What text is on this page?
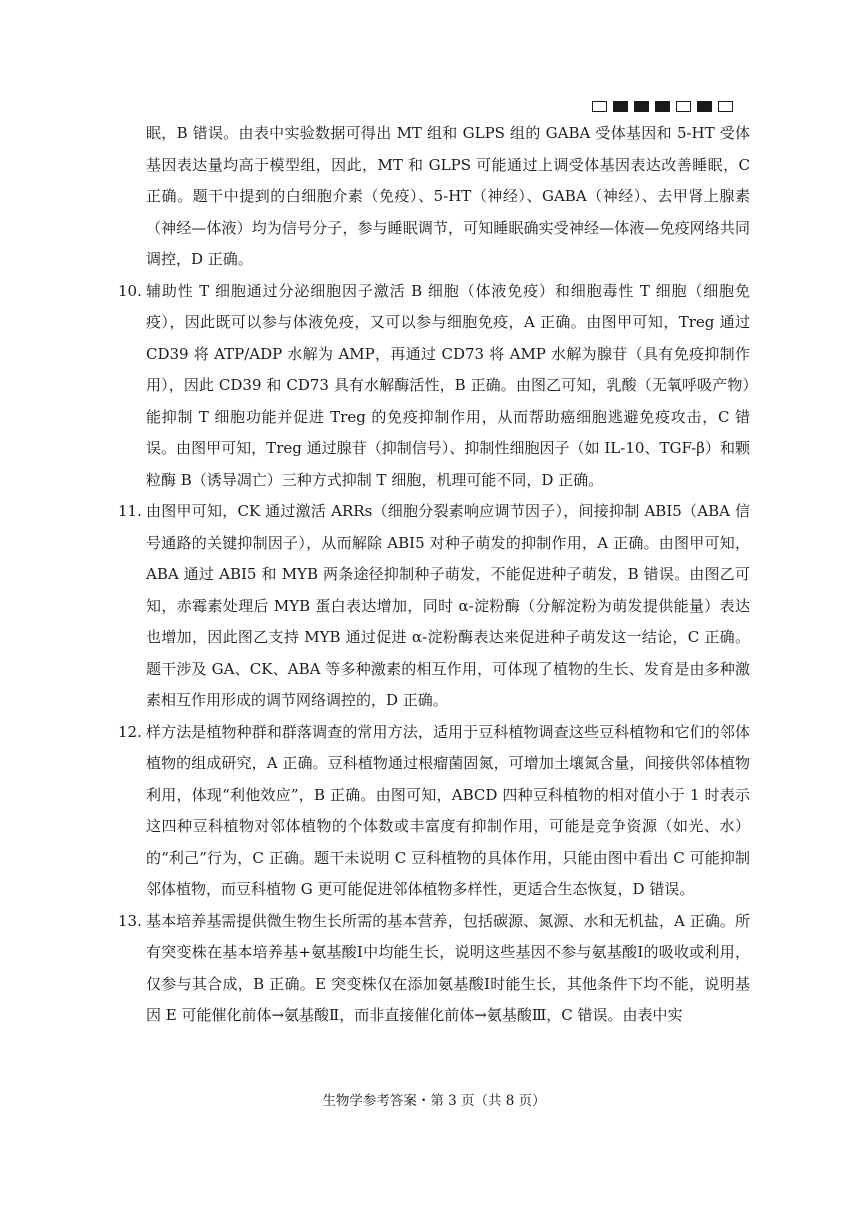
眠，B 错误。由表中实验数据可得出 MT 组和 GLPS 组的 GABA 受体基因和 5-HT 受体基因表达量均高于模型组，因此，MT 和 GLPS 可能通过上调受体基因表达改善睡眠，C 正确。题干中提到的白细胞介素（免疫）、5-HT（神经）、GABA（神经）、去甲肾上腺素（神经—体液）均为信号分子，参与睡眠调节，可知睡眠确实受神经—体液—免疫网络共同调控，D 正确。
10. 辅助性 T 细胞通过分泌细胞因子激活 B 细胞（体液免疫）和细胞毒性 T 细胞（细胞免疫），因此既可以参与体液免疫，又可以参与细胞免疫，A 正确。由图甲可知，Treg 通过 CD39 将 ATP/ADP 水解为 AMP，再通过 CD73 将 AMP 水解为腺苷（具有免疫抑制作用），因此 CD39 和 CD73 具有水解酶活性，B 正确。由图乙可知，乳酸（无氧呼吸产物）能抑制 T 细胞功能并促进 Treg 的免疫抑制作用，从而帮助癌细胞逃避免疫攻击，C 错误。由图甲可知，Treg 通过腺苷（抑制信号）、抑制性细胞因子（如 IL-10、TGF-β）和颗粒酶 B（诱导凋亡）三种方式抑制 T 细胞，机理可能不同，D 正确。
11. 由图甲可知，CK 通过激活 ARRs（细胞分裂素响应调节因子），间接抑制 ABI5（ABA 信号通路的关键抑制因子），从而解除 ABI5 对种子萌发的抑制作用，A 正确。由图甲可知，ABA 通过 ABI5 和 MYB 两条途径抑制种子萌发，不能促进种子萌发，B 错误。由图乙可知，赤霉素处理后 MYB 蛋白表达增加，同时 α-淀粉酶（分解淀粉为萌发提供能量）表达也增加，因此图乙支持 MYB 通过促进 α-淀粉酶表达来促进种子萌发这一结论，C 正确。题干涉及 GA、CK、ABA 等多种激素的相互作用，可体现了植物的生长、发育是由多种激素相互作用形成的调节网络调控的，D 正确。
12. 样方法是植物种群和群落调查的常用方法，适用于豆科植物调查这些豆科植物和它们的邻体植物的组成研究，A 正确。豆科植物通过根瘤菌固氮，可增加土壤氮含量，间接供邻体植物利用，体现“利他效应”，B 正确。由图可知，ABCD 四种豆科植物的相对值小于 1 时表示这四种豆科植物对邻体植物的个体数或丰富度有抑制作用，可能是竞争资源（如光、水）的“利己”行为，C 正确。题干未说明 C 豆科植物的具体作用，只能由图中看出 C 可能抑制邻体植物，而豆科植物 G 更可能促进邻体植物多样性，更适合生态恢复，D 错误。
13. 基本培养基需提供微生物生长所需的基本营养，包括碳源、氮源、水和无机盐，A 正确。所有突变株在基本培养基+氨基酸Ⅰ中均能生长，说明这些基因不参与氨基酸Ⅰ的吸收或利用，仅参与其合成，B 正确。E 突变株仅在添加氨基酸Ⅰ时能生长，其他条件下均不能，说明基因 E 可能催化前体→氨基酸Ⅱ，而非直接催化前体→氨基酸Ⅲ，C 错误。由表中实
生物学参考答案・第 3 页（共 8 页）
